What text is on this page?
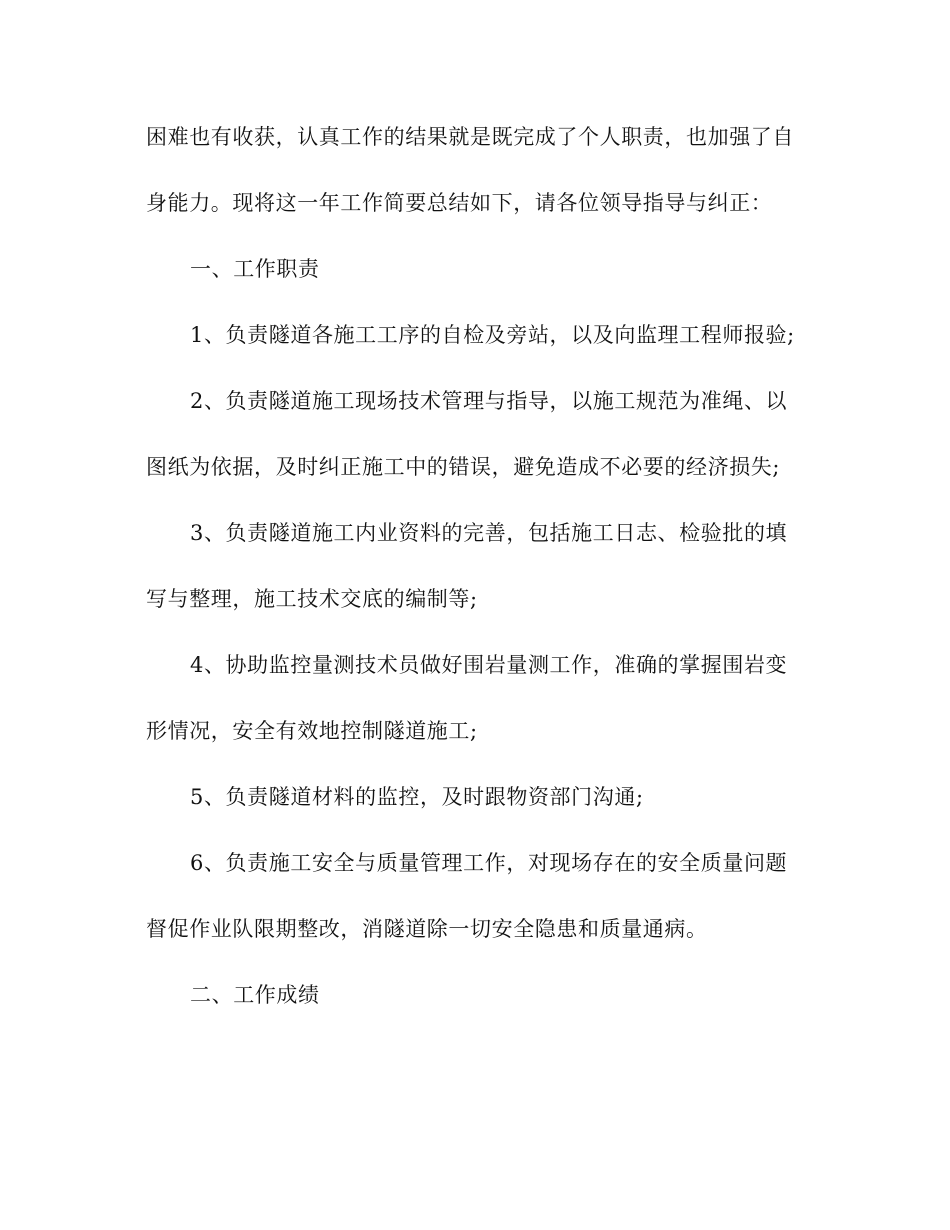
困难也有收获，认真工作的结果就是既完成了个人职责，也加强了自

身能力。现将这一年工作简要总结如下，请各位领导指导与纠正：

一、工作职责

1、负责隧道各施工工序的自检及旁站，以及向监理工程师报验;

2、负责隧道施工现场技术管理与指导，以施工规范为准绳、以

图纸为依据，及时纠正施工中的错误，避免造成不必要的经济损失;

3、负责隧道施工内业资料的完善，包括施工日志、检验批的填

写与整理，施工技术交底的编制等;

4、协助监控量测技术员做好围岩量测工作，准确的掌握围岩变

形情况，安全有效地控制隧道施工;

5、负责隧道材料的监控，及时跟物资部门沟通;

6、负责施工安全与质量管理工作，对现场存在的安全质量问题

督促作业队限期整改，消隧道除一切安全隐患和质量通病。

二、工作成绩
